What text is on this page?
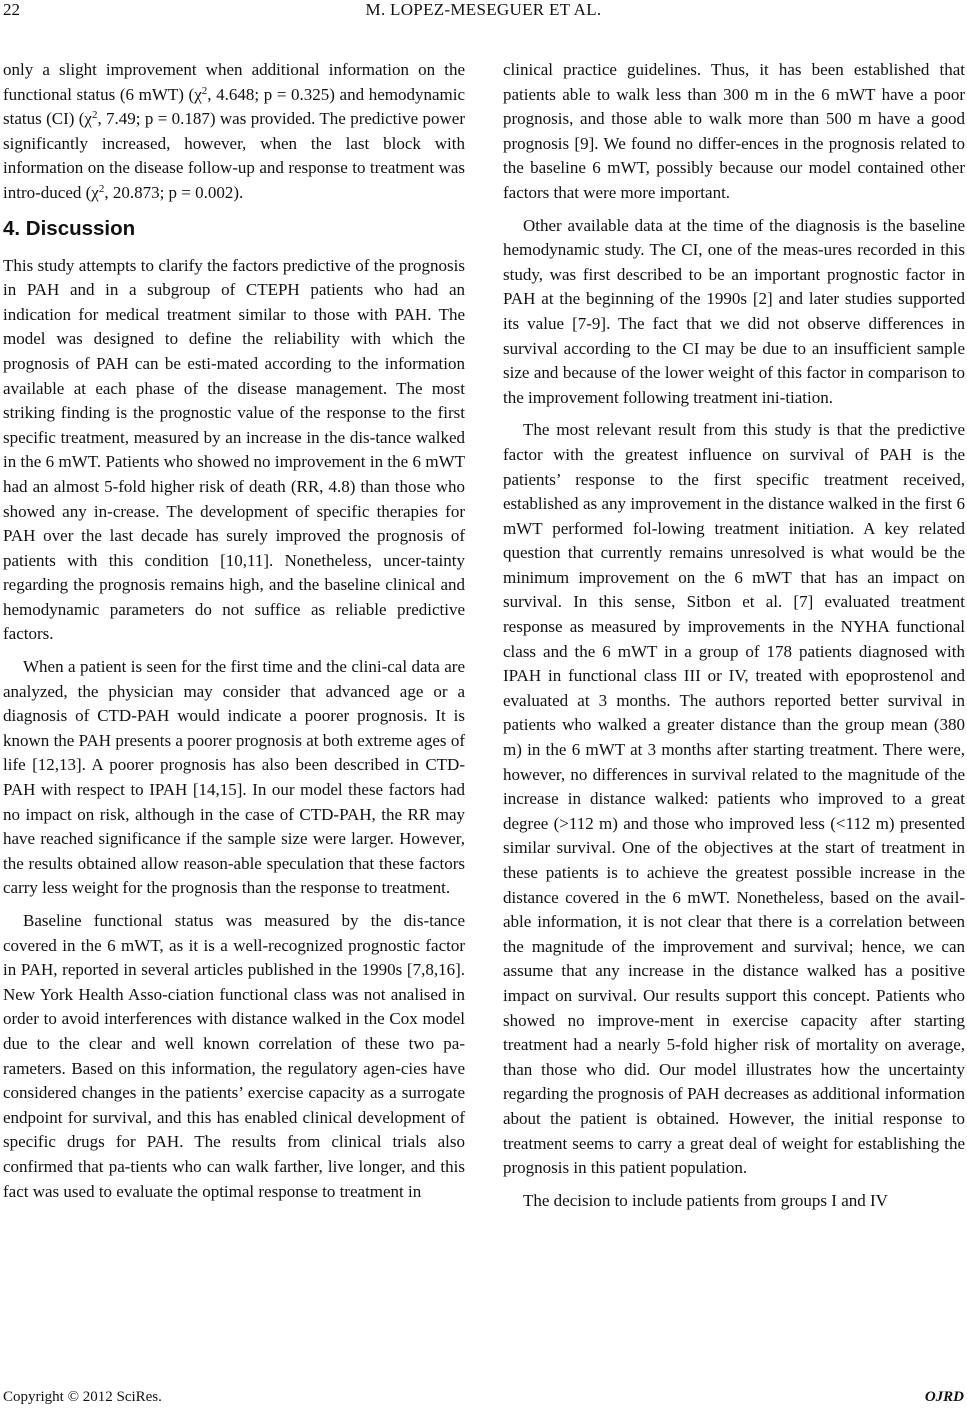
22	M. LOPEZ-MESEGUER ET AL.

only a slight improvement when additional information on the functional status (6 mWT) ($\chi^2$, 4.648; p = 0.325) and hemodynamic status (CI) ($\chi^2$, 7.49; p = 0.187) was provided. The predictive power significantly increased, however, when the last block with information on the disease follow-up and response to treatment was intro-duced ($\chi^2$, 20.873; p = 0.002).

4. Discussion

This study attempts to clarify the factors predictive of the prognosis in PAH and in a subgroup of CTEPH patients who had an indication for medical treatment similar to those with PAH. The model was designed to define the reliability with which the prognosis of PAH can be esti-mated according to the information available at each phase of the disease management. The most striking finding is the prognostic value of the response to the first specific treatment, measured by an increase in the dis-tance walked in the 6 mWT. Patients who showed no improvement in the 6 mWT had an almost 5-fold higher risk of death (RR, 4.8) than those who showed any in-crease. The development of specific therapies for PAH over the last decade has surely improved the prognosis of patients with this condition [10,11]. Nonetheless, uncer-tainty regarding the prognosis remains high, and the baseline clinical and hemodynamic parameters do not suffice as reliable predictive factors.

When a patient is seen for the first time and the clini-cal data are analyzed, the physician may consider that advanced age or a diagnosis of CTD-PAH would indicate a poorer prognosis. It is known the PAH presents a poorer prognosis at both extreme ages of life [12,13]. A poorer prognosis has also been described in CTD-PAH with respect to IPAH [14,15]. In our model these factors had no impact on risk, although in the case of CTD-PAH, the RR may have reached significance if the sample size were larger. However, the results obtained allow reason-able speculation that these factors carry less weight for the prognosis than the response to treatment.

Baseline functional status was measured by the dis-tance covered in the 6 mWT, as it is a well-recognized prognostic factor in PAH, reported in several articles published in the 1990s [7,8,16]. New York Health Asso-ciation functional class was not analised in order to avoid interferences with distance walked in the Cox model due to the clear and well known correlation of these two pa-rameters. Based on this information, the regulatory agen-cies have considered changes in the patients’ exercise capacity as a surrogate endpoint for survival, and this has enabled clinical development of specific drugs for PAH. The results from clinical trials also confirmed that pa-tients who can walk farther, live longer, and this fact was used to evaluate the optimal response to treatment in

clinical practice guidelines. Thus, it has been established that patients able to walk less than 300 m in the 6 mWT have a poor prognosis, and those able to walk more than 500 m have a good prognosis [9]. We found no differ-ences in the prognosis related to the baseline 6 mWT, possibly because our model contained other factors that were more important.

Other available data at the time of the diagnosis is the baseline hemodynamic study. The CI, one of the meas-ures recorded in this study, was first described to be an important prognostic factor in PAH at the beginning of the 1990s [2] and later studies supported its value [7-9]. The fact that we did not observe differences in survival according to the CI may be due to an insufficient sample size and because of the lower weight of this factor in comparison to the improvement following treatment ini-tiation.

The most relevant result from this study is that the predictive factor with the greatest influence on survival of PAH is the patients’ response to the first specific treatment received, established as any improvement in the distance walked in the first 6 mWT performed fol-lowing treatment initiation. A key related question that currently remains unresolved is what would be the minimum improvement on the 6 mWT that has an impact on survival. In this sense, Sitbon et al. [7] evaluated treatment response as measured by improvements in the NYHA functional class and the 6 mWT in a group of 178 patients diagnosed with IPAH in functional class III or IV, treated with epoprostenol and evaluated at 3 months. The authors reported better survival in patients who walked a greater distance than the group mean (380 m) in the 6 mWT at 3 months after starting treatment. There were, however, no differences in survival related to the magnitude of the increase in distance walked: patients who improved to a great degree (>112 m) and those who improved less (<112 m) presented similar survival. One of the objectives at the start of treatment in these patients is to achieve the greatest possible increase in the distance covered in the 6 mWT. Nonetheless, based on the avail-able information, it is not clear that there is a correlation between the magnitude of the improvement and survival; hence, we can assume that any increase in the distance walked has a positive impact on survival. Our results support this concept. Patients who showed no improve-ment in exercise capacity after starting treatment had a nearly 5-fold higher risk of mortality on average, than those who did. Our model illustrates how the uncertainty regarding the prognosis of PAH decreases as additional information about the patient is obtained. However, the initial response to treatment seems to carry a great deal of weight for establishing the prognosis in this patient population.

The decision to include patients from groups I and IV

Copyright © 2012 SciRes.	OJRD
